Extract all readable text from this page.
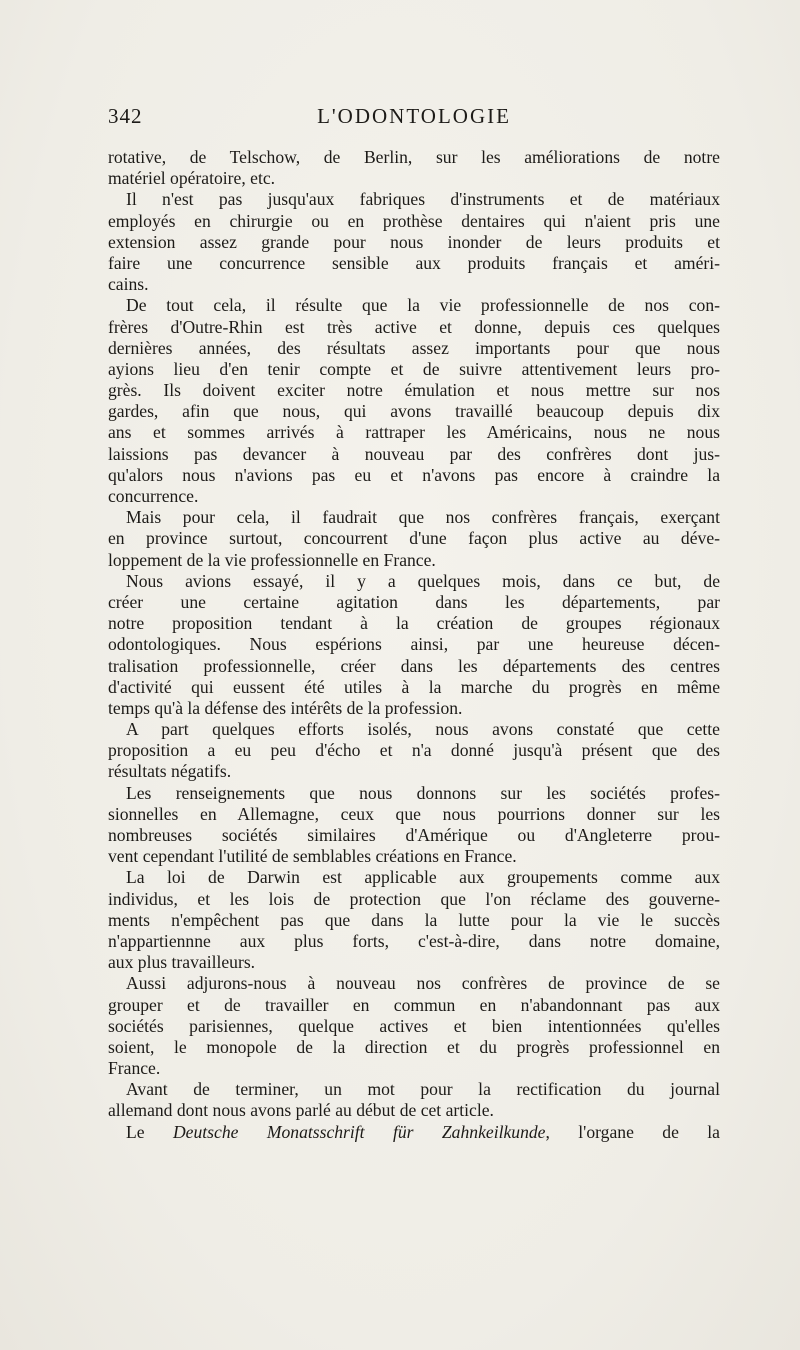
342	L'ODONTOLOGIE
rotative, de Telschow, de Berlin, sur les améliorations de notre
matériel opératoire, etc.
Il n'est pas jusqu'aux fabriques d'instruments et de matériaux
employés en chirurgie ou en prothèse dentaires qui n'aient pris une
extension assez grande pour nous inonder de leurs produits et
faire une concurrence sensible aux produits français et améri-
cains.
De tout cela, il résulte que la vie professionnelle de nos con-
frères d'Outre-Rhin est très active et donne, depuis ces quelques
dernières années, des résultats assez importants pour que nous
ayions lieu d'en tenir compte et de suivre attentivement leurs pro-
grès. Ils doivent exciter notre émulation et nous mettre sur nos
gardes, afin que nous, qui avons travaillé beaucoup depuis dix
ans et sommes arrivés à rattraper les Américains, nous ne nous
laissions pas devancer à nouveau par des confrères dont jus-
qu'alors nous n'avions pas eu et n'avons pas encore à craindre la
concurrence.
Mais pour cela, il faudrait que nos confrères français, exerçant
en province surtout, concourrent d'une façon plus active au déve-
loppement de la vie professionnelle en France.
Nous avions essayé, il y a quelques mois, dans ce but, de
créer une certaine agitation dans les départements, par
notre proposition tendant à la création de groupes régionaux
odontologiques. Nous espérions ainsi, par une heureuse décen-
tralisation professionnelle, créer dans les départements des centres
d'activité qui eussent été utiles à la marche du progrès en même
temps qu'à la défense des intérêts de la profession.
A part quelques efforts isolés, nous avons constaté que cette
proposition a eu peu d'écho et n'a donné jusqu'à présent que des
résultats négatifs.
Les renseignements que nous donnons sur les sociétés profes-
sionnelles en Allemagne, ceux que nous pourrions donner sur les
nombreuses sociétés similaires d'Amérique ou d'Angleterre prou-
vent cependant l'utilité de semblables créations en France.
La loi de Darwin est applicable aux groupements comme aux
individus, et les lois de protection que l'on réclame des gouverne-
ments n'empêchent pas que dans la lutte pour la vie le succès
n'appartiennne aux plus forts, c'est-à-dire, dans notre domaine,
aux plus travailleurs.
Aussi adjurons-nous à nouveau nos confrères de province de se
grouper et de travailler en commun en n'abandonnant pas aux
sociétés parisiennes, quelque actives et bien intentionnées qu'elles
soient, le monopole de la direction et du progrès professionnel en
France.
Avant de terminer, un mot pour la rectification du journal
allemand dont nous avons parlé au début de cet article.
Le Deutsche Monatsschrift für Zahnkeilkunde, l'organe de la
